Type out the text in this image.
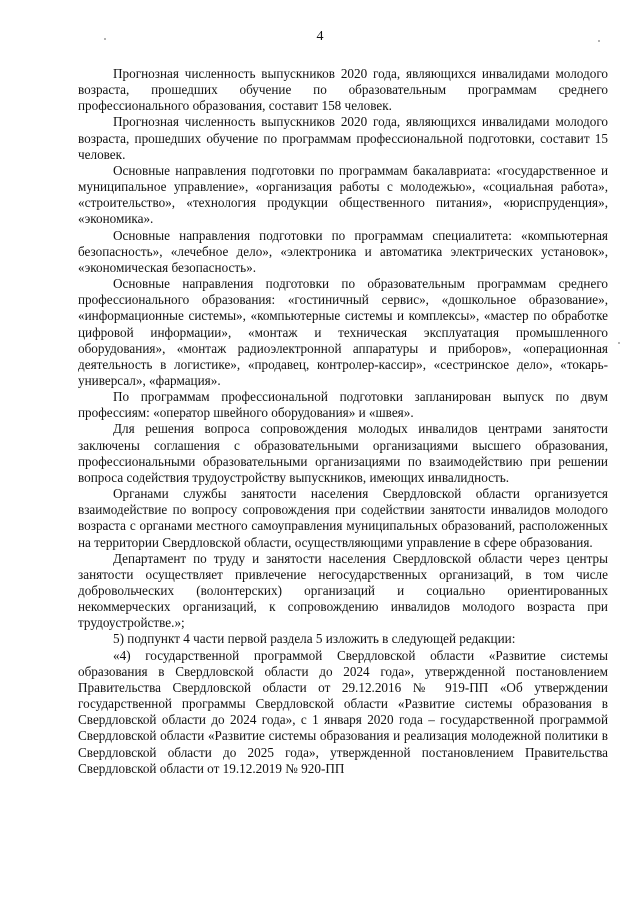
4

Прогнозная численность выпускников 2020 года, являющихся инвалидами молодого возраста, прошедших обучение по образовательным программам среднего профессионального образования, составит 158 человек.

Прогнозная численность выпускников 2020 года, являющихся инвалидами молодого возраста, прошедших обучение по программам профессиональной подготовки, составит 15 человек.

Основные направления подготовки по программам бакалавриата: «государственное и муниципальное управление», «организация работы с молодежью», «социальная работа», «строительство», «технология продукции общественного питания», «юриспруденция», «экономика».

Основные направления подготовки по программам специалитета: «компьютерная безопасность», «лечебное дело», «электроника и автоматика электрических установок», «экономическая безопасность».

Основные направления подготовки по образовательным программам среднего профессионального образования: «гостиничный сервис», «дошкольное образование», «информационные системы», «компьютерные системы и комплексы», «мастер по обработке цифровой информации», «монтаж и техническая эксплуатация промышленного оборудования», «монтаж радиоэлектронной аппаратуры и приборов», «операционная деятельность в логистике», «продавец, контролер-кассир», «сестринское дело», «токарь-универсал», «фармация».

По программам профессиональной подготовки запланирован выпуск по двум профессиям: «оператор швейного оборудования» и «швея».

Для решения вопроса сопровождения молодых инвалидов центрами занятости заключены соглашения с образовательными организациями высшего образования, профессиональными образовательными организациями по взаимодействию при решении вопроса содействия трудоустройству выпускников, имеющих инвалидность.

Органами службы занятости населения Свердловской области организуется взаимодействие по вопросу сопровождения при содействии занятости инвалидов молодого возраста с органами местного самоуправления муниципальных образований, расположенных на территории Свердловской области, осуществляющими управление в сфере образования.

Департамент по труду и занятости населения Свердловской области через центры занятости осуществляет привлечение негосударственных организаций, в том числе добровольческих (волонтерских) организаций и социально ориентированных некоммерческих организаций, к сопровождению инвалидов молодого возраста при трудоустройстве.»;

5) подпункт 4 части первой раздела 5 изложить в следующей редакции:

«4) государственной программой Свердловской области «Развитие системы образования в Свердловской области до 2024 года», утвержденной постановлением Правительства Свердловской области от 29.12.2016 № 919-ПП «Об утверждении государственной программы Свердловской области «Развитие системы образования в Свердловской области до 2024 года», с 1 января 2020 года – государственной программой Свердловской области «Развитие системы образования и реализация молодежной политики в Свердловской области до 2025 года», утвержденной постановлением Правительства Свердловской области от 19.12.2019 № 920-ПП
